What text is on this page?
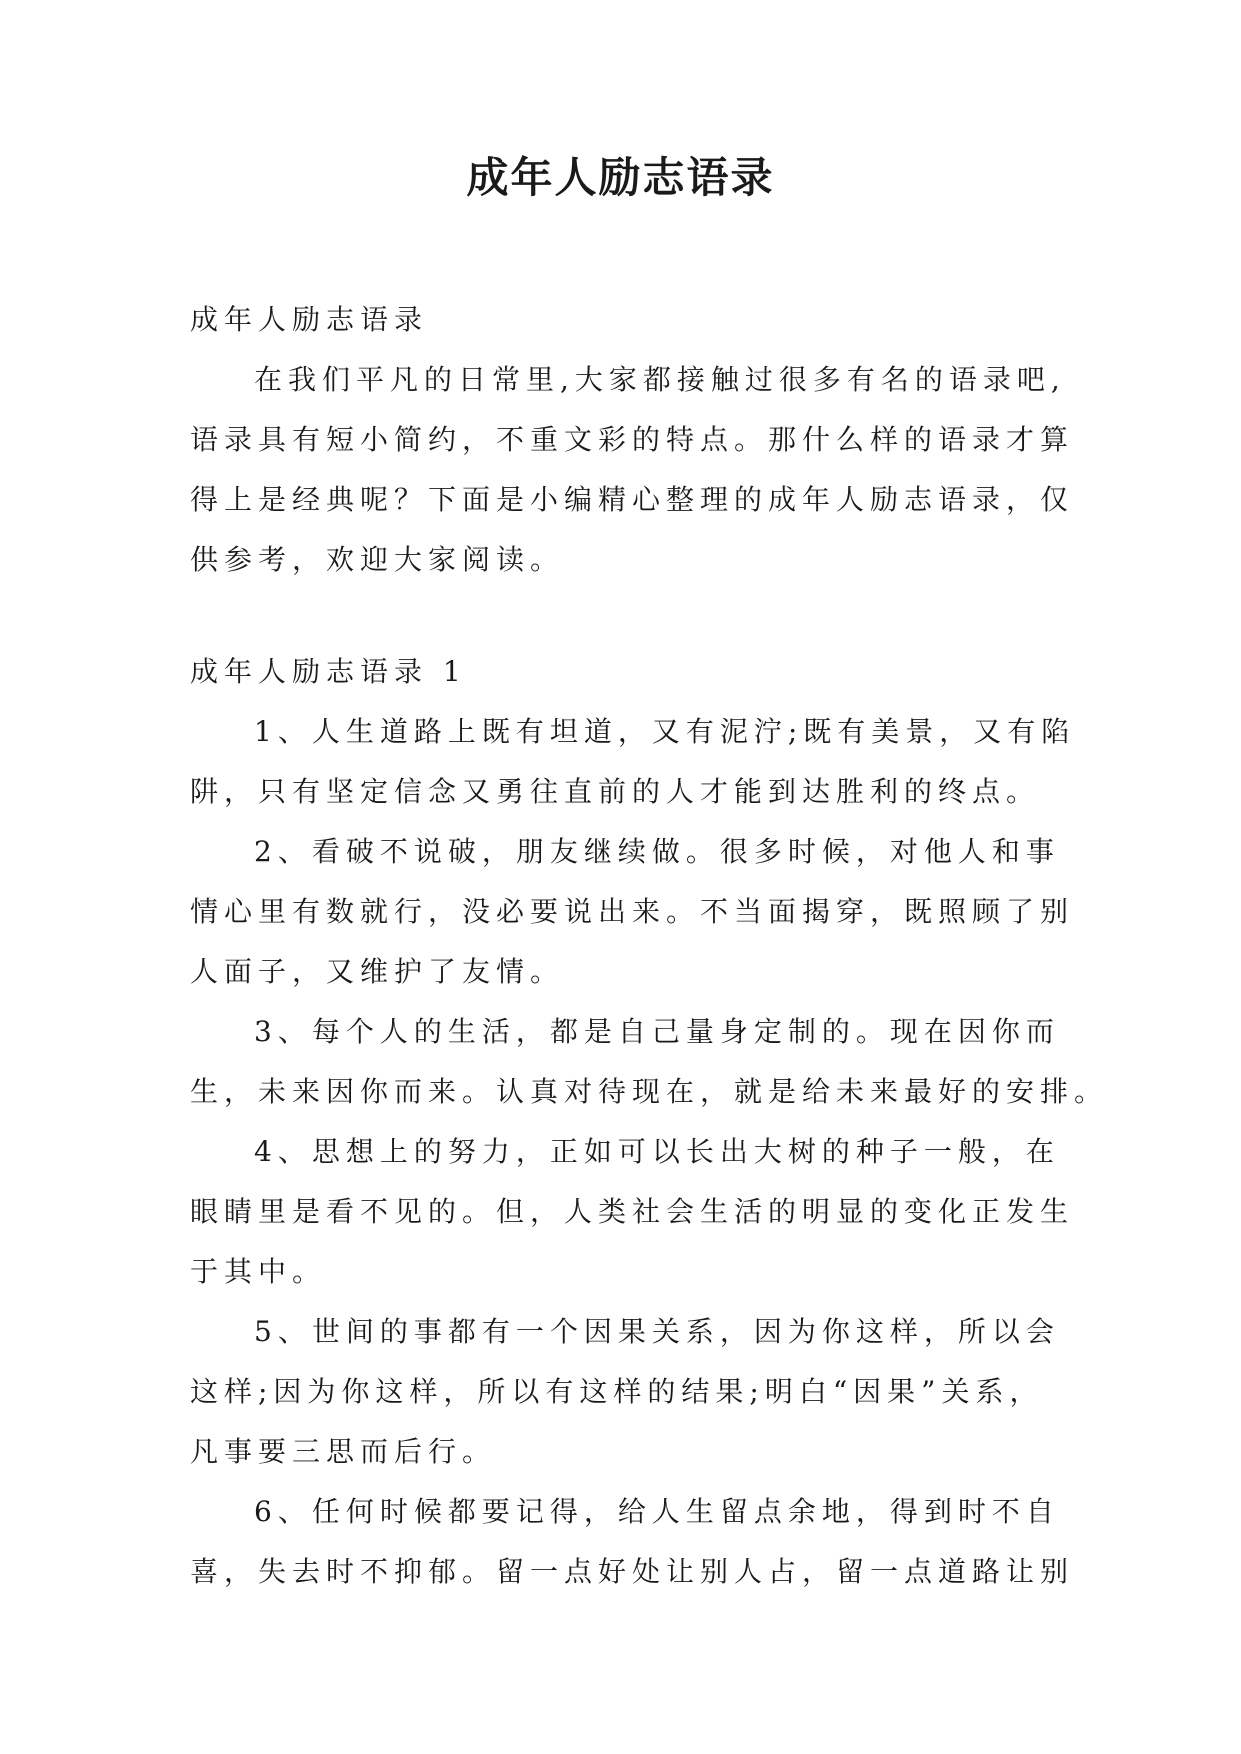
成年人励志语录

成年人励志语录

在我们平凡的日常里,大家都接触过很多有名的语录吧,
语录具有短小简约，不重文彩的特点。那什么样的语录才算
得上是经典呢？下面是小编精心整理的成年人励志语录，仅
供参考，欢迎大家阅读。

成年人励志语录 1

1、人生道路上既有坦道，又有泥泞;既有美景，又有陷
阱，只有坚定信念又勇往直前的人才能到达胜利的终点。
2、看破不说破，朋友继续做。很多时候，对他人和事
情心里有数就行，没必要说出来。不当面揭穿，既照顾了别
人面子，又维护了友情。
3、每个人的生活，都是自己量身定制的。现在因你而
生，未来因你而来。认真对待现在，就是给未来最好的安排。
4、思想上的努力，正如可以长出大树的种子一般，在
眼睛里是看不见的。但，人类社会生活的明显的变化正发生
于其中。
5、世间的事都有一个因果关系，因为你这样，所以会
这样;因为你这样，所以有这样的结果;明白“因果”关系，
凡事要三思而后行。
6、任何时候都要记得，给人生留点余地，得到时不自
喜，失去时不抑郁。留一点好处让别人占，留一点道路让别
